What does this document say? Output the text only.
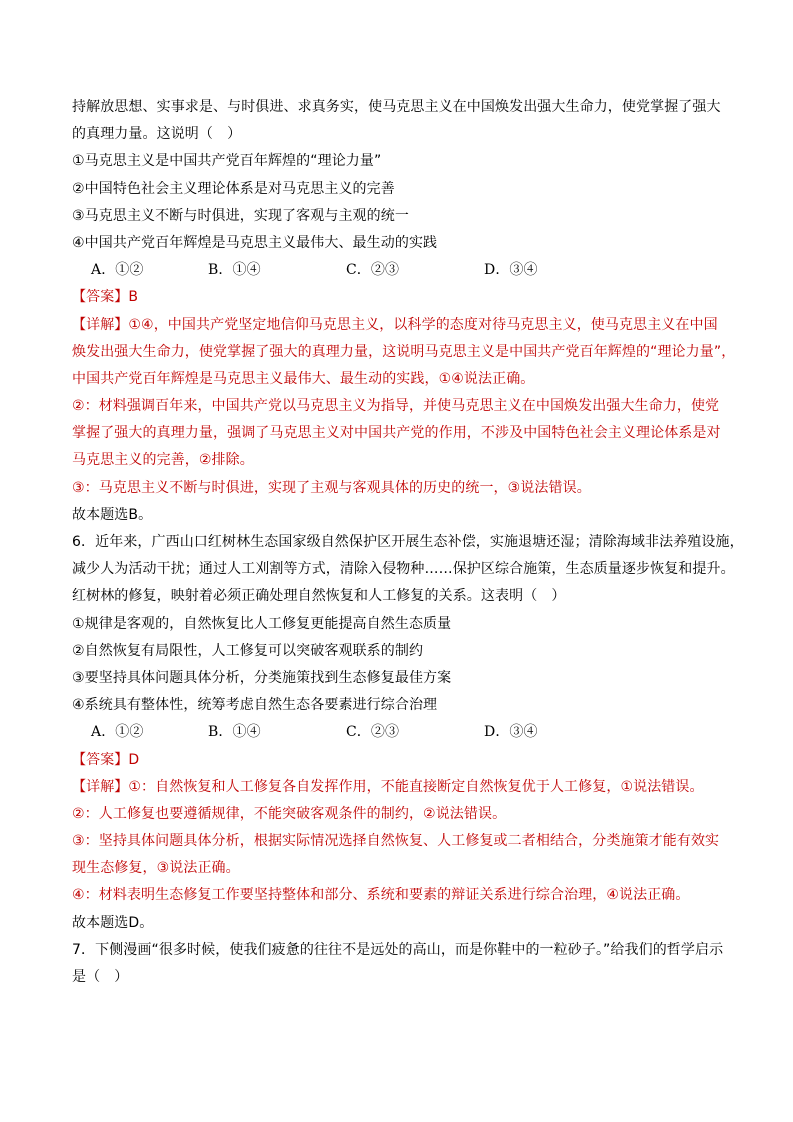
持解放思想、实事求是、与时俱进、求真务实，使马克思主义在中国焕发出强大生命力，使党掌握了强大
的真理力量。这说明（　）
①马克思主义是中国共产党百年辉煌的“理论力量”
②中国特色社会主义理论体系是对马克思主义的完善
③马克思主义不断与时俱进，实现了客观与主观的统一
④中国共产党百年辉煌是马克思主义最伟大、最生动的实践
A．①②	B．①④	C．②③	D．③④
【答案】B
【详解】①④，中国共产党坚定地信仰马克思主义，以科学的态度对待马克思主义，使马克思主义在中国
焕发出强大生命力，使党掌握了强大的真理力量，这说明马克思主义是中国共产党百年辉煌的“理论力量”，
中国共产党百年辉煌是马克思主义最伟大、最生动的实践，①④说法正确。
②：材料强调百年来，中国共产党以马克思主义为指导，并使马克思主义在中国焕发出强大生命力，使党
掌握了强大的真理力量，强调了马克思主义对中国共产党的作用，不涉及中国特色社会主义理论体系是对
马克思主义的完善，②排除。
③：马克思主义不断与时俱进，实现了主观与客观具体的历史的统一，③说法错误。
故本题选B。
6．近年来，广西山口红树林生态国家级自然保护区开展生态补偿，实施退塘还湿；清除海域非法养殖设施，
减少人为活动干扰；通过人工刈割等方式，清除入侵物种……保护区综合施策，生态质量逐步恢复和提升。
红树林的修复，映射着必须正确处理自然恢复和人工修复的关系。这表明（　）
①规律是客观的，自然恢复比人工修复更能提高自然生态质量
②自然恢复有局限性，人工修复可以突破客观联系的制约
③要坚持具体问题具体分析，分类施策找到生态修复最佳方案
④系统具有整体性，统筹考虑自然生态各要素进行综合治理
A．①②	B．①④	C．②③	D．③④
【答案】D
【详解】①：自然恢复和人工修复各自发挥作用，不能直接断定自然恢复优于人工修复，①说法错误。
②：人工修复也要遵循规律，不能突破客观条件的制约，②说法错误。
③：坚持具体问题具体分析，根据实际情况选择自然恢复、人工修复或二者相结合，分类施策才能有效实
现生态修复，③说法正确。
④：材料表明生态修复工作要坚持整体和部分、系统和要素的辩证关系进行综合治理，④说法正确。
故本题选D。
7．下侧漫画“很多时候，使我们疲惫的往往不是远处的高山，而是你鞋中的一粒砂子。”给我们的哲学启示
是（　）
